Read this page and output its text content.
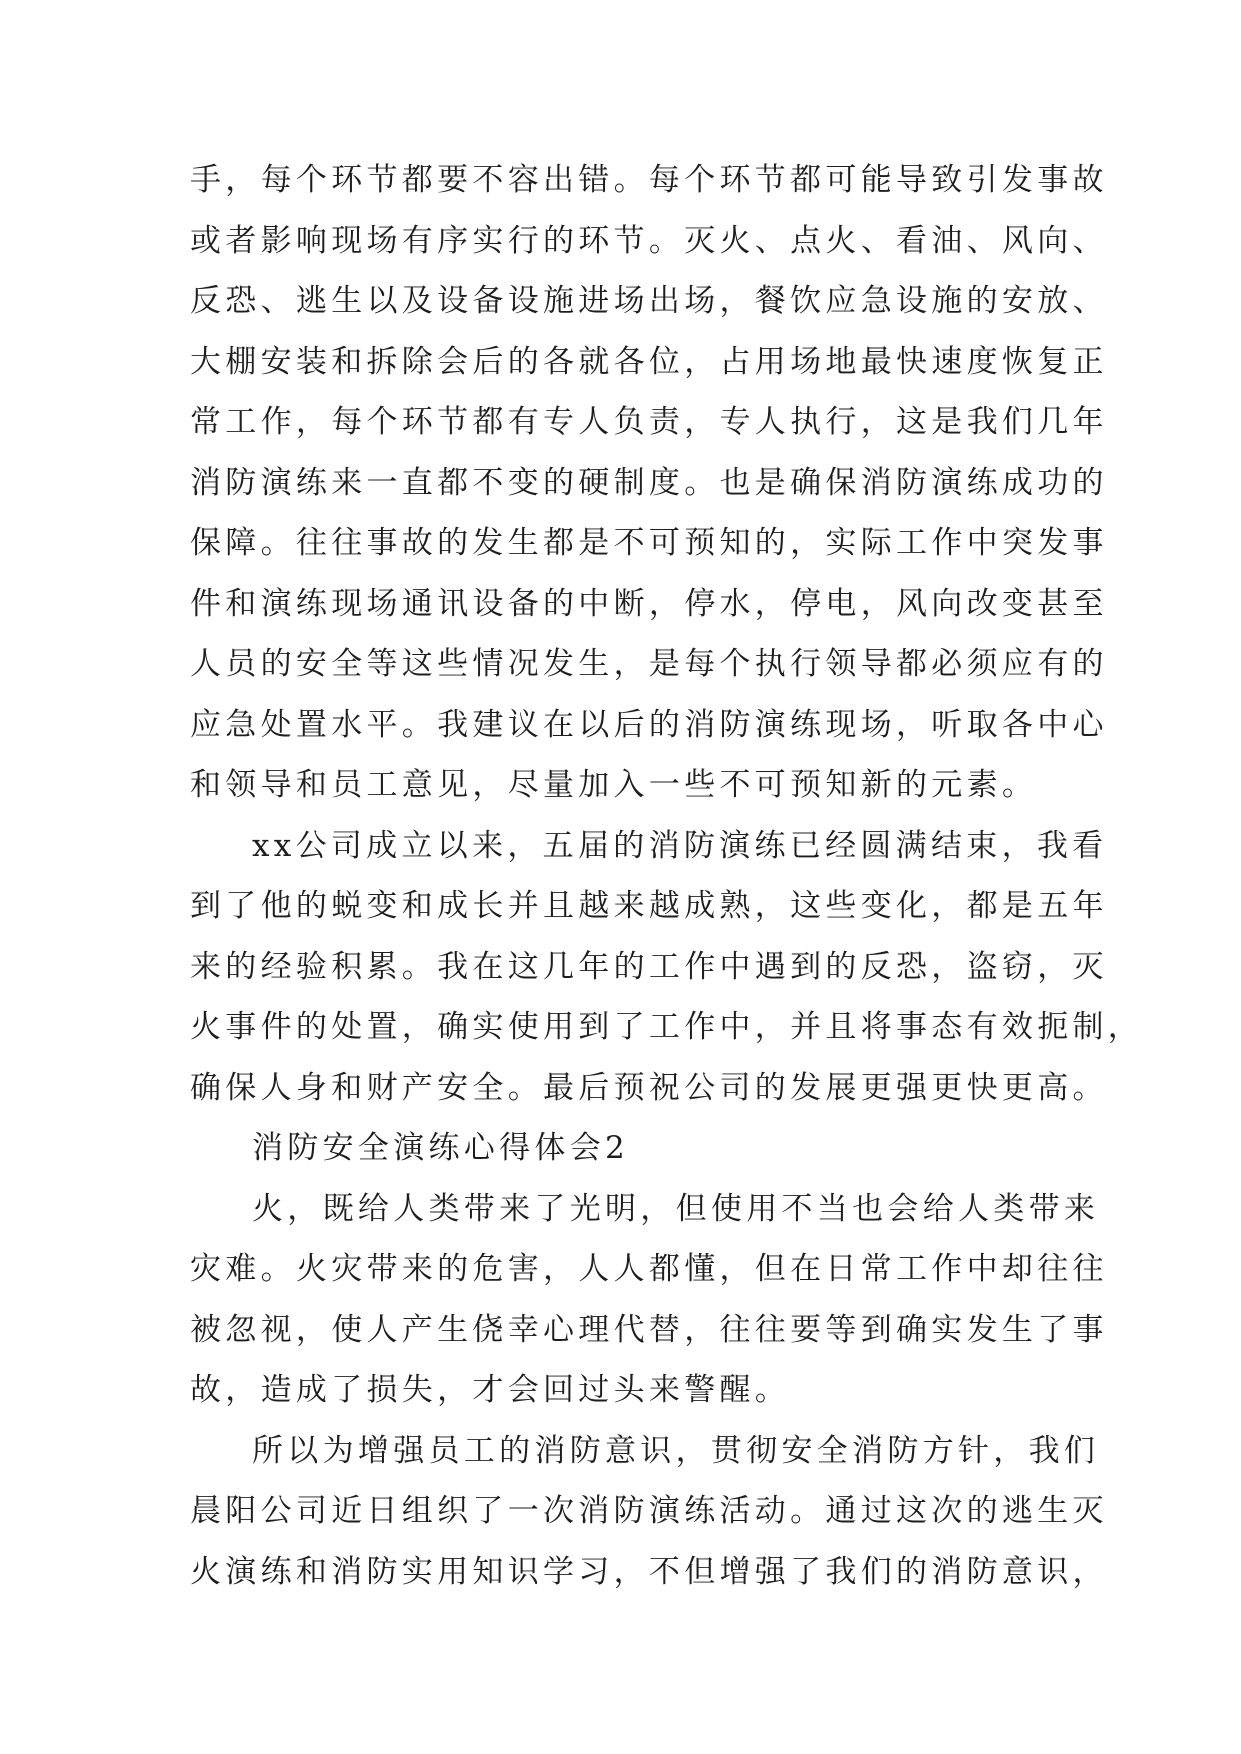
手，每个环节都要不容出错。每个环节都可能导致引发事故
或者影响现场有序实行的环节。灭火、点火、看油、风向、
反恐、逃生以及设备设施进场出场，餐饮应急设施的安放、
大棚安装和拆除会后的各就各位，占用场地最快速度恢复正
常工作，每个环节都有专人负责，专人执行，这是我们几年
消防演练来一直都不变的硬制度。也是确保消防演练成功的
保障。往往事故的发生都是不可预知的，实际工作中突发事
件和演练现场通讯设备的中断，停水，停电，风向改变甚至
人员的安全等这些情况发生，是每个执行领导都必须应有的
应急处置水平。我建议在以后的消防演练现场，听取各中心
和领导和员工意见，尽量加入一些不可预知新的元素。
xx公司成立以来，五届的消防演练已经圆满结束，我看
到了他的蜕变和成长并且越来越成熟，这些变化，都是五年
来的经验积累。我在这几年的工作中遇到的反恐，盗窃，灭
火事件的处置，确实使用到了工作中，并且将事态有效扼制，
确保人身和财产安全。最后预祝公司的发展更强更快更高。
消防安全演练心得体会2
火，既给人类带来了光明，但使用不当也会给人类带来
灾难。火灾带来的危害，人人都懂，但在日常工作中却往往
被忽视，使人产生侥幸心理代替，往往要等到确实发生了事
故，造成了损失，才会回过头来警醒。
所以为增强员工的消防意识，贯彻安全消防方针，我们
晨阳公司近日组织了一次消防演练活动。通过这次的逃生灭
火演练和消防实用知识学习，不但增强了我们的消防意识，
